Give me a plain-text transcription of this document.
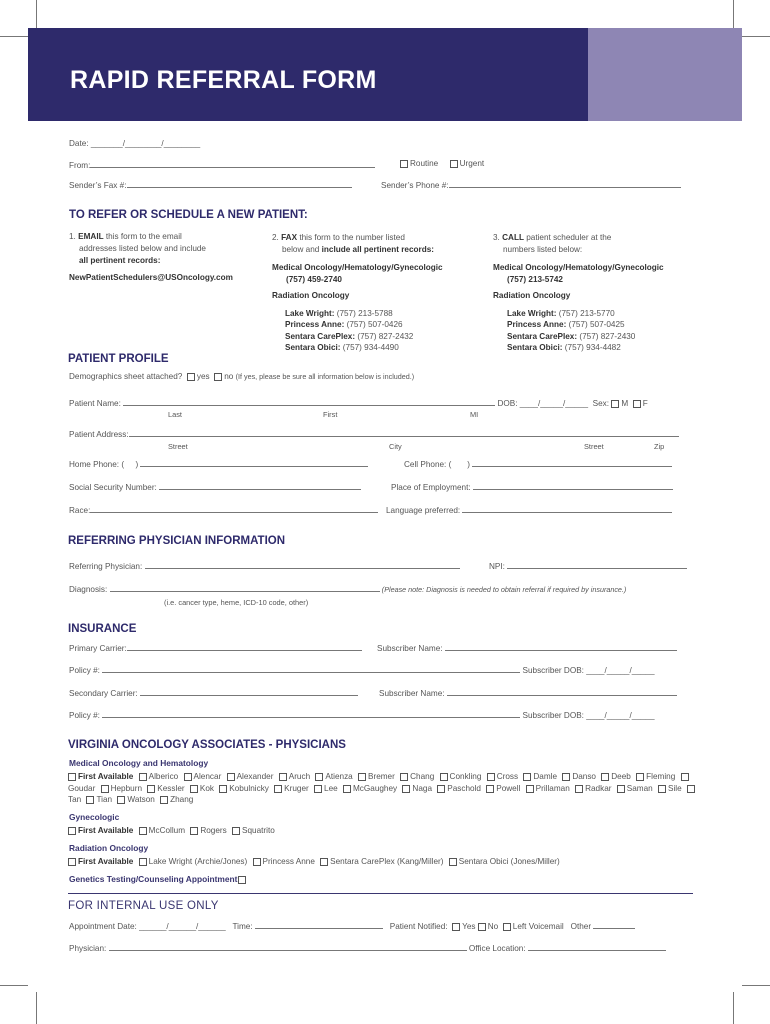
RAPID REFERRAL FORM
Date: _______/________/________
From:	Routine	Urgent
Sender’s Fax #:	Sender’s Phone #:
TO REFER OR SCHEDULE A NEW PATIENT:
1. EMAIL this form to the email
addresses listed below and include
all pertinent records:
NewPatientSchedulers@USOncology.com
2. FAX this form to the number listed
below and include all pertinent records:
Medical Oncology/Hematology/Gynecologic
(757) 459-2740
Radiation Oncology
Lake Wright: (757) 213-5788
Princess Anne: (757) 507-0426
Sentara CarePlex: (757) 827-2432
Sentara Obici: (757) 934-4490
3. CALL patient scheduler at the
numbers listed below:
Medical Oncology/Hematology/Gynecologic
(757) 213-5742
Radiation Oncology
Lake Wright: (757) 213-5770
Princess Anne: (757) 507-0425
Sentara CarePlex: (757) 827-2430
Sentara Obici: (757) 934-4482
PATIENT PROFILE
Demographics sheet attached? yes no (If yes, please be sure all information below is included.)
Patient Name:	DOB: ____/_____/_____ Sex: M F
Last	First	MI
Patient Address:
Street	City	Street	Zip
Home Phone: ( )	Cell Phone: ( )
Social Security Number:	Place of Employment:
Race:	Language preferred:
REFERRING PHYSICIAN INFORMATION
Referring Physician:	NPI:
Diagnosis:	(Please note: Diagnosis is needed to obtain referral if required by insurance.)
(i.e. cancer type, heme, ICD-10 code, other)
INSURANCE
Primary Carrier:	Subscriber Name:
Policy #:	Subscriber DOB: ____/_____/_____
Secondary Carrier:	Subscriber Name:
Policy #:	Subscriber DOB: ____/_____/_____
VIRGINIA ONCOLOGY ASSOCIATES - PHYSICIANS
Medical Oncology and Hematology
First Available Alberico Alencar Alexander Aruch Atienza Bremer Chang Conkling Cross Damle Danso Deeb Fleming Goudar Hepburn Kessler Kok Kobulnicky Kruger Lee McGaughey Naga Paschold Powell Prillaman Radkar Saman Sile Tan Tian Watson Zhang
Gynecologic
First Available McCollum Rogers Squatrito
Radiation Oncology
First Available Lake Wright (Archie/Jones) Princess Anne Sentara CarePlex (Kang/Miller) Sentara Obici (Jones/Miller)
Genetics Testing/Counseling Appointment
FOR INTERNAL USE ONLY
Appointment Date: ______/______/______ Time:	Patient Notified: Yes No Left Voicemail Other
Physician:	Office Location:
